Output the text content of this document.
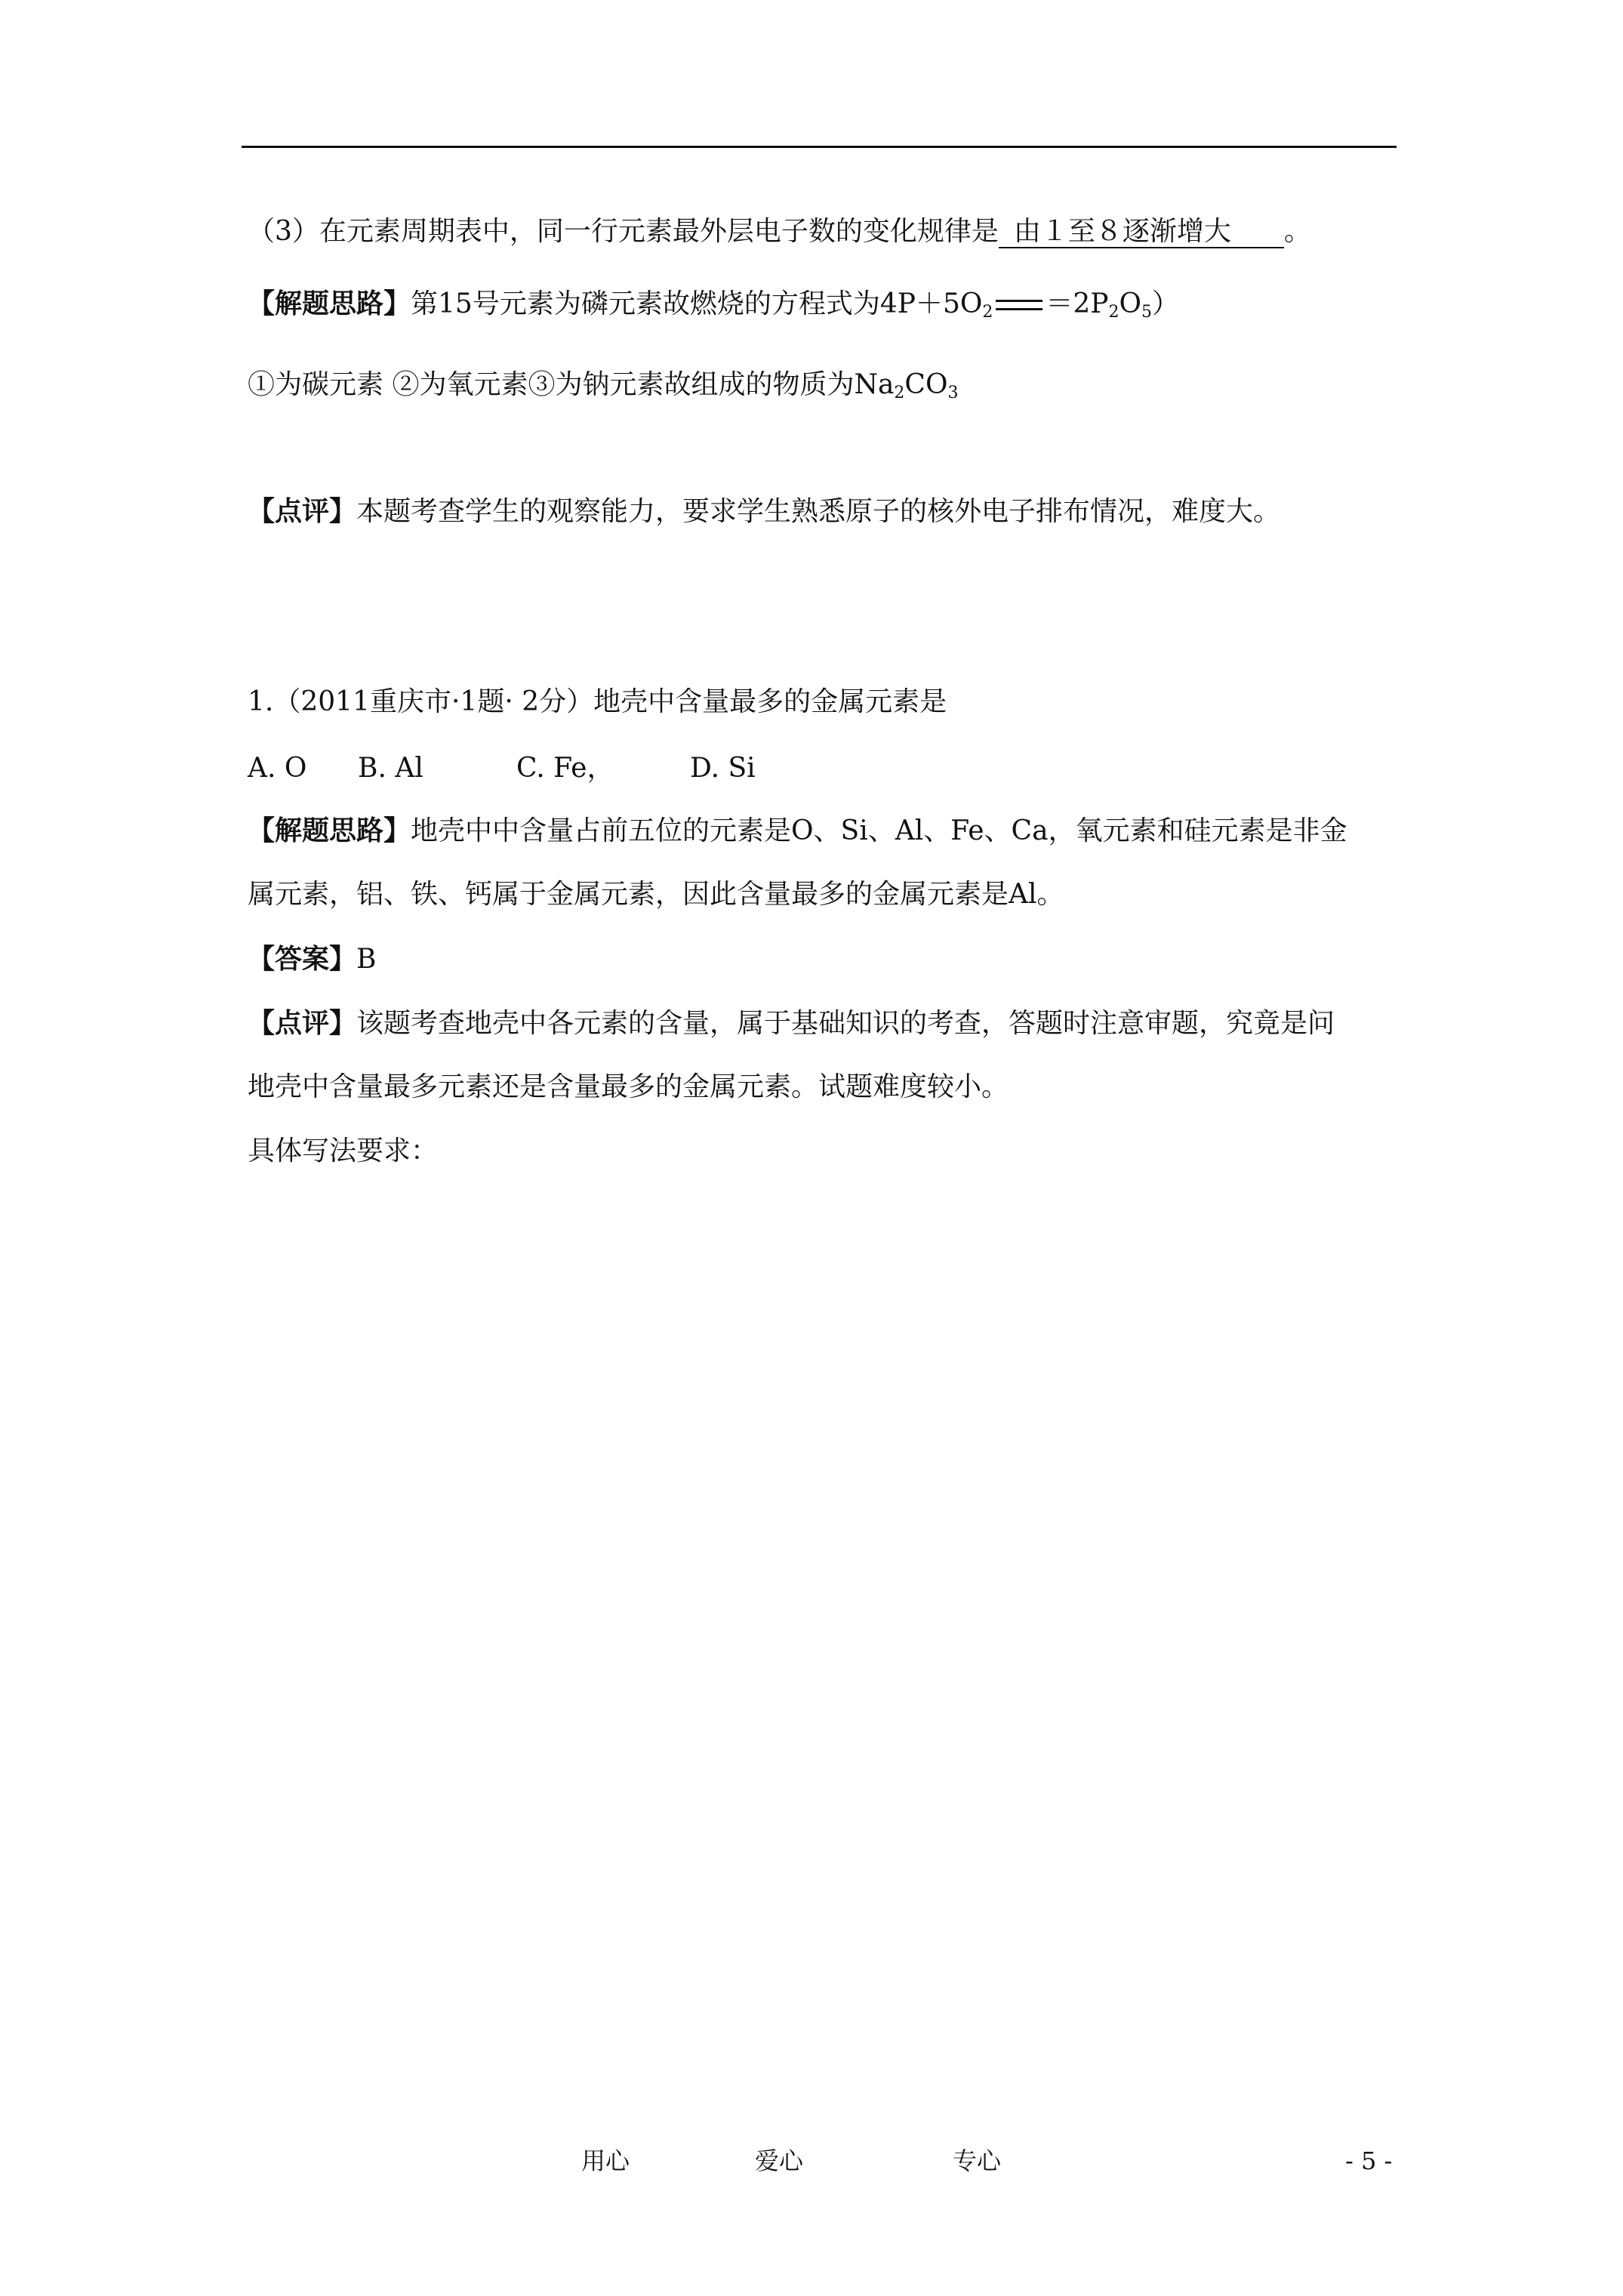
（3）在元素周期表中，同一行元素最外层电子数的变化规律是 由１至８逐渐增大 。
【解题思路】第15号元素为磷元素故燃烧的方程式为$4P+5O_2 =2P_2O_5$）
①为碳元素 ②为氧元素③为钠元素故组成的物质为$Na_2CO_3$
【点评】本题考查学生的观察能力，要求学生熟悉原子的核外电子排布情况，难度大。
1.（2011重庆市·1题· 2分）地壳中含量最多的金属元素是
A. O B. Al	C. Fe，	D. Si
【解题思路】地壳中中含量占前五位的元素是O、Si、Al、Fe、Ca，氧元素和硅元素是非金
属元素，铝、铁、钙属于金属元素，因此含量最多的金属元素是Al。
【答案】B
【点评】该题考查地壳中各元素的含量，属于基础知识的考查，答题时注意审题，究竟是问
地壳中含量最多元素还是含量最多的金属元素。试题难度较小。
具体写法要求：
用心	爱心	专心	- 5 -
